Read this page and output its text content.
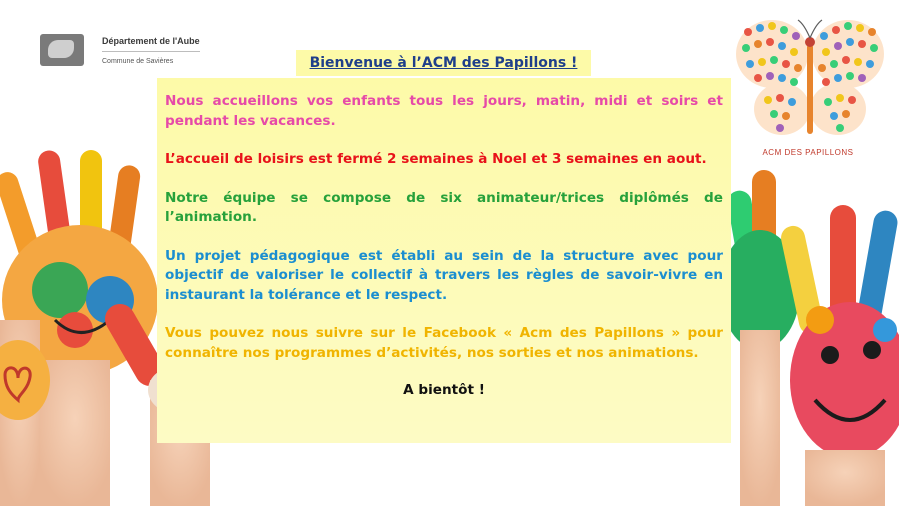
Département de l'Aube
Commune de Savières	Bienvenue à l’ACM des Papillons !

Nous accueillons vos enfants tous les jours, matin, midi et soirs et pendant les vacances.

L’accueil de loisirs est fermé 2 semaines à Noel et 3 semaines en aout.

Notre équipe se compose de six animateur/trices diplômés de l’animation.

Un projet pédagogique est établi au sein de la structure avec pour objectif de valoriser le collectif à travers les règles de savoir-vivre en instaurant la tolérance et le respect.

Vous pouvez nous suivre sur le Facebook « Acm des Papillons » pour connaître nos programmes d’activités, nos sorties et nos animations.

A bientôt !
ACM DES PAPILLONS
